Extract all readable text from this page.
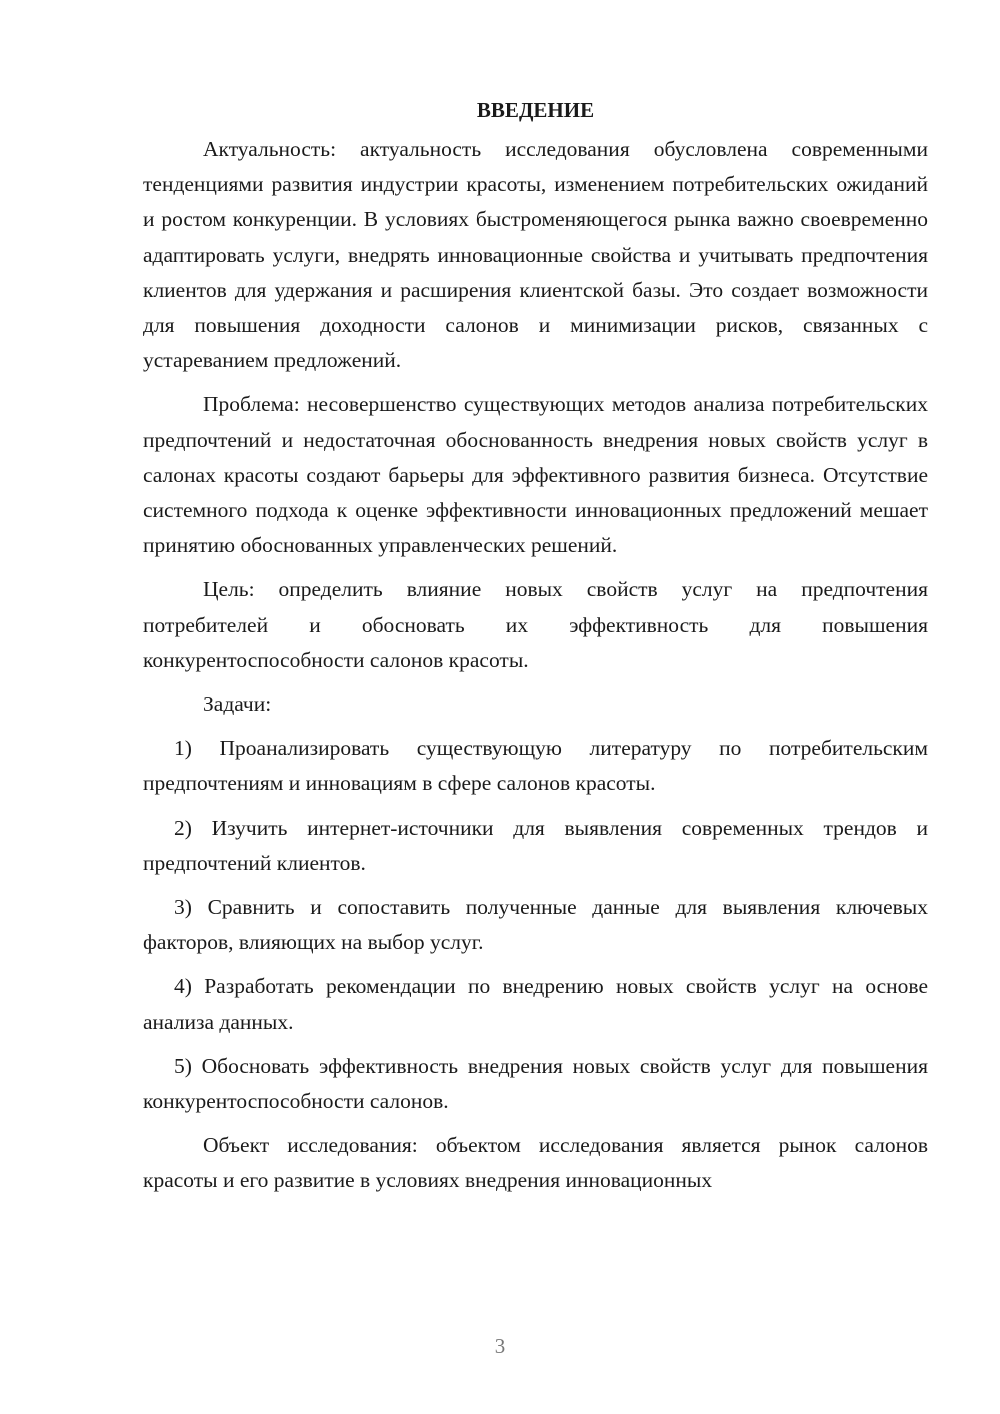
ВВЕДЕНИЕ

Актуальность: актуальность исследования обусловлена современными тенденциями развития индустрии красоты, изменением потребительских ожиданий и ростом конкуренции. В условиях быстроменяющегося рынка важно своевременно адаптировать услуги, внедрять инновационные свойства и учитывать предпочтения клиентов для удержания и расширения клиентской базы. Это создает возможности для повышения доходности салонов и минимизации рисков, связанных с устареванием предложений.

Проблема: несовершенство существующих методов анализа потребительских предпочтений и недостаточная обоснованность внедрения новых свойств услуг в салонах красоты создают барьеры для эффективного развития бизнеса. Отсутствие системного подхода к оценке эффективности инновационных предложений мешает принятию обоснованных управленческих решений.

Цель: определить влияние новых свойств услуг на предпочтения потребителей и обосновать их эффективность для повышения конкурентоспособности салонов красоты.

Задачи:

1) Проанализировать существующую литературу по потребительским предпочтениям и инновациям в сфере салонов красоты.

2) Изучить интернет-источники для выявления современных трендов и предпочтений клиентов.

3) Сравнить и сопоставить полученные данные для выявления ключевых факторов, влияющих на выбор услуг.

4) Разработать рекомендации по внедрению новых свойств услуг на основе анализа данных.

5) Обосновать эффективность внедрения новых свойств услуг для повышения конкурентоспособности салонов.

Объект исследования: объектом исследования является рынок салонов красоты и его развитие в условиях внедрения инновационных

3
